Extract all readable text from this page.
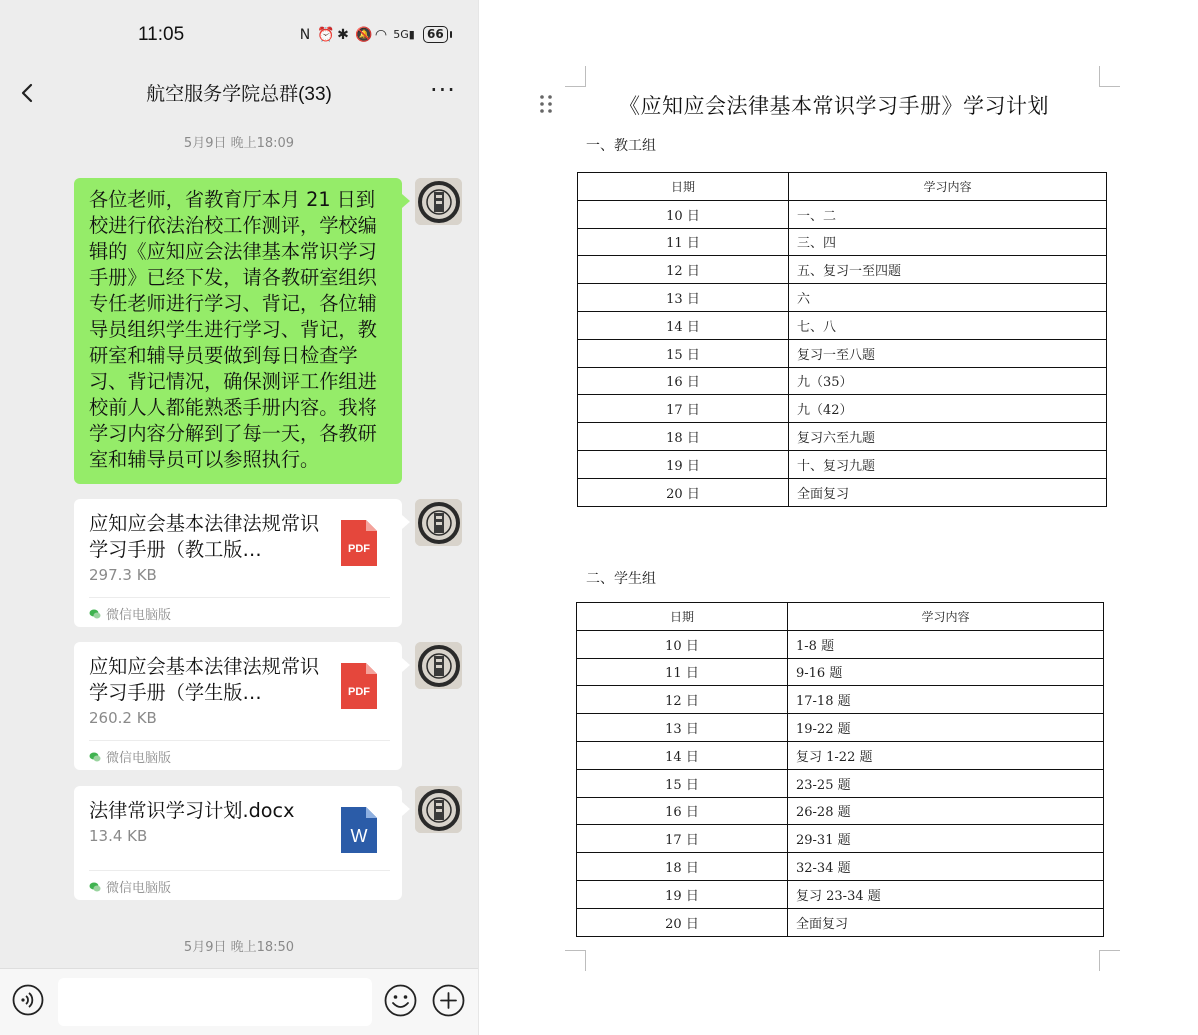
11:05	N ⏰ ✱ 🔕 ◠ 5G▮	66
航空服务学院总群(33)	···
5月9日 晚上18:09
各位老师，省教育厅本月 21 日到校进行依法治校工作测评，学校编辑的《应知应会法律基本常识学习手册》已经下发，请各教研室组织专任老师进行学习、背记，各位辅导员组织学生进行学习、背记，教研室和辅导员要做到每日检查学习、背记情况，确保测评工作组进校前人人都能熟悉手册内容。我将学习内容分解到了每一天，各教研室和辅导员可以参照执行。
应知应会基本法律法规常识学习手册（教工版…
297.3 KB
PDF
微信电脑版
应知应会基本法律法规常识学习手册（学生版…
260.2 KB
PDF
微信电脑版
法律常识学习计划.docx
13.4 KB	W
微信电脑版
5月9日 晚上18:50
《应知应会法律基本常识学习手册》学习计划
一、教工组
日期	学习内容
10 日	一、二
11 日	三、四
12 日	五、复习一至四题
13 日	六
14 日	七、八
15 日	复习一至八题
16 日	九（35）
17 日	九（42）
18 日	复习六至九题
19 日	十、复习九题
20 日	全面复习
二、学生组
日期	学习内容
10 日	1-8 题
11 日	9-16 题
12 日	17-18 题
13 日	19-22 题
14 日	复习 1-22 题
15 日	23-25 题
16 日	26-28 题
17 日	29-31 题
18 日	32-34 题
19 日	复习 23-34 题
20 日	全面复习
